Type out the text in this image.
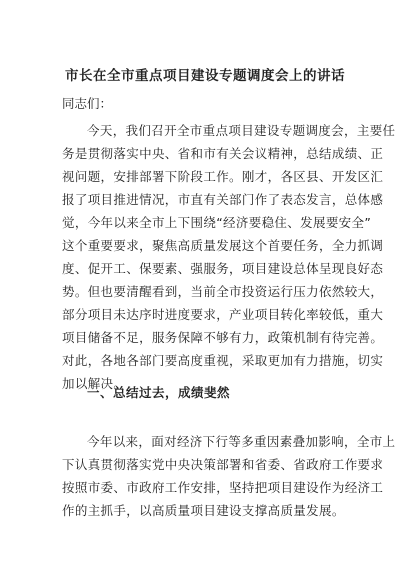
市长在全市重点项目建设专题调度会上的讲话
同志们：
今天，我们召开全市重点项目建设专题调度会，主要任
务是贯彻落实中央、省和市有关会议精神，总结成绩、正
视问题，安排部署下阶段工作。刚才，各区县、开发区汇
报了项目推进情况，市直有关部门作了表态发言，总体感
觉，今年以来全市上下围绕“经济要稳住、发展要安全”
这个重要要求，聚焦高质量发展这个首要任务，全力抓调
度、促开工、保要素、强服务，项目建设总体呈现良好态
势。但也要清醒看到，当前全市投资运行压力依然较大，
部分项目未达序时进度要求，产业项目转化率较低，重大
项目储备不足，服务保障不够有力，政策机制有待完善。
对此，各地各部门要高度重视，采取更加有力措施，切实
加以解决。
一、总结过去，成绩斐然
今年以来，面对经济下行等多重因素叠加影响，全市上
下认真贯彻落实党中央决策部署和省委、省政府工作要求
按照市委、市政府工作安排，坚持把项目建设作为经济工
作的主抓手，以高质量项目建设支撑高质量发展。
